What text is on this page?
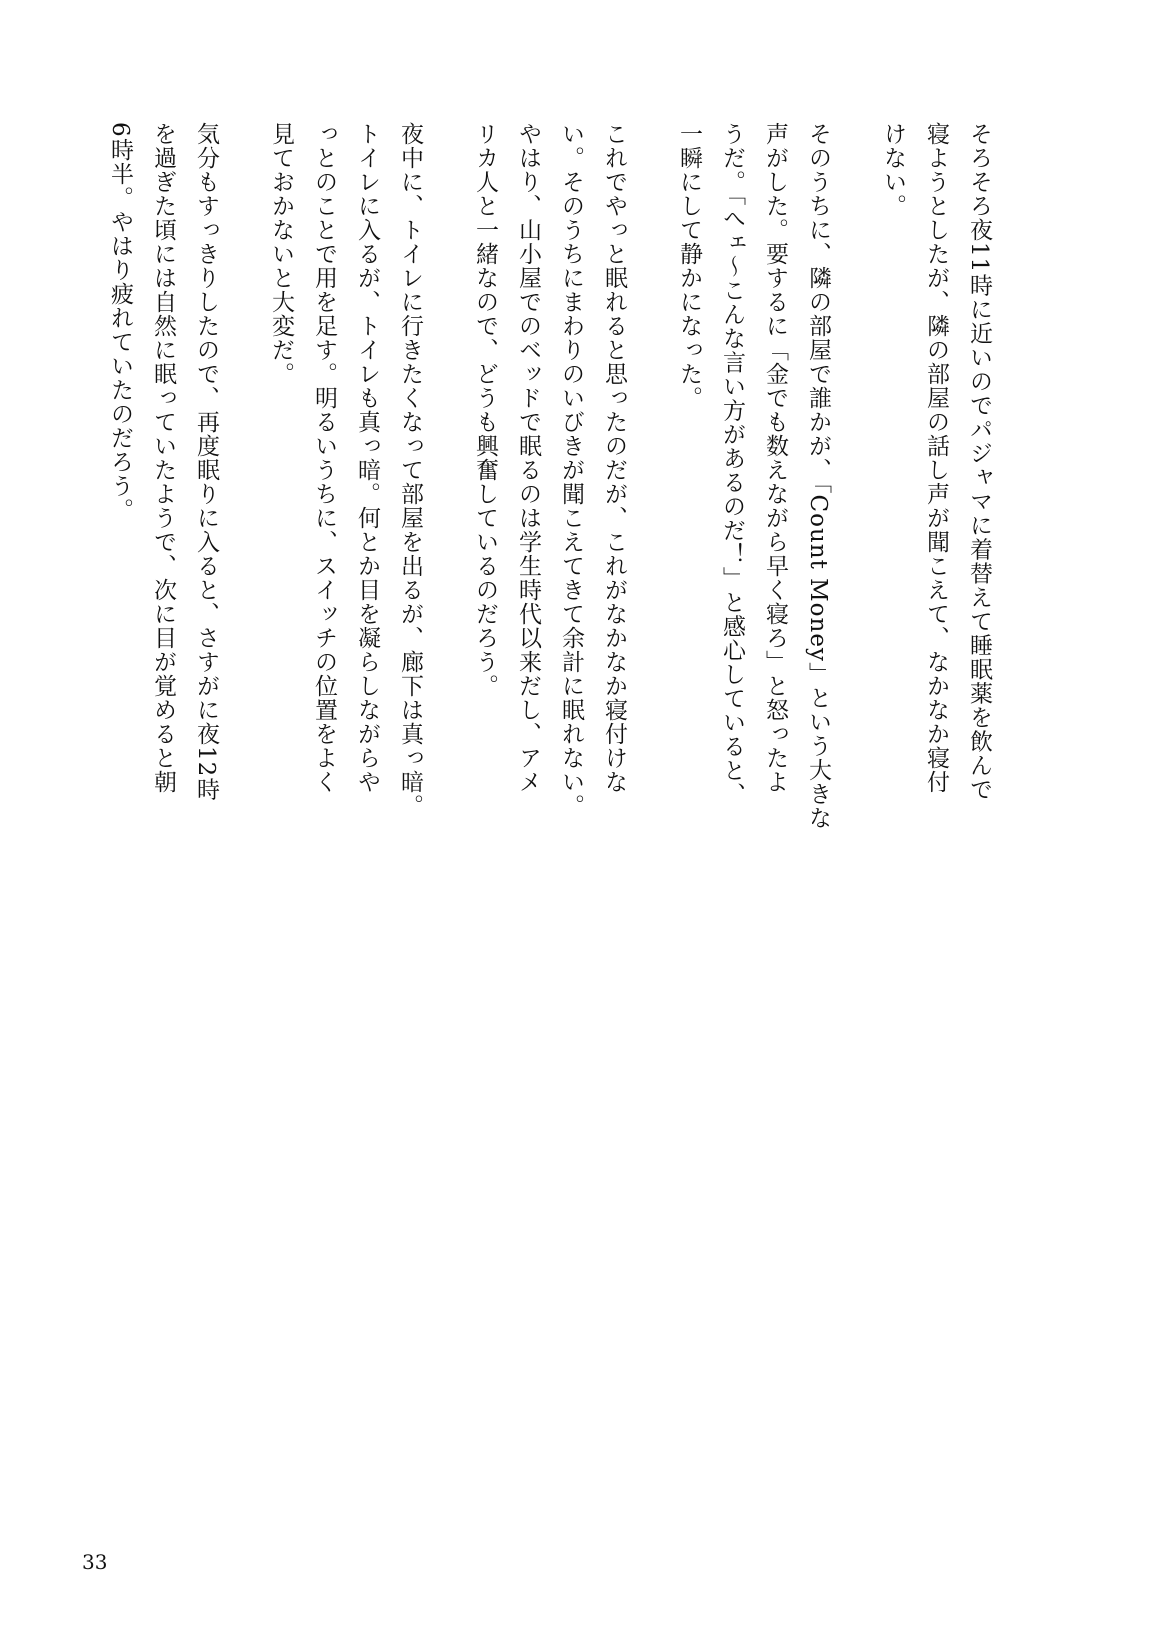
そろそろ夜11時に近いのでパジャマに着替えて睡眠薬を飲んで
寝ようとしたが、隣の部屋の話し声が聞こえて、なかなか寝付
けない。

そのうちに、隣の部屋で誰かが、「Count Money」という大きな
声がした。要するに「金でも数えながら早く寝ろ」と怒ったよ
うだ。「へェ～こんな言い方があるのだ！」と感心していると、
一瞬にして静かになった。

これでやっと眠れると思ったのだが、これがなかなか寝付けな
い。そのうちにまわりのいびきが聞こえてきて余計に眠れない。
やはり、山小屋でのベッドで眠るのは学生時代以来だし、アメ
リカ人と一緒なので、どうも興奮しているのだろう。

夜中に、トイレに行きたくなって部屋を出るが、廊下は真っ暗。
トイレに入るが、トイレも真っ暗。何とか目を凝らしながらや
っとのことで用を足す。明るいうちに、スイッチの位置をよく
見ておかないと大変だ。

気分もすっきりしたので、再度眠りに入ると、さすがに夜12時
を過ぎた頃には自然に眠っていたようで、次に目が覚めると朝
6時半。やはり疲れていたのだろう。

33
